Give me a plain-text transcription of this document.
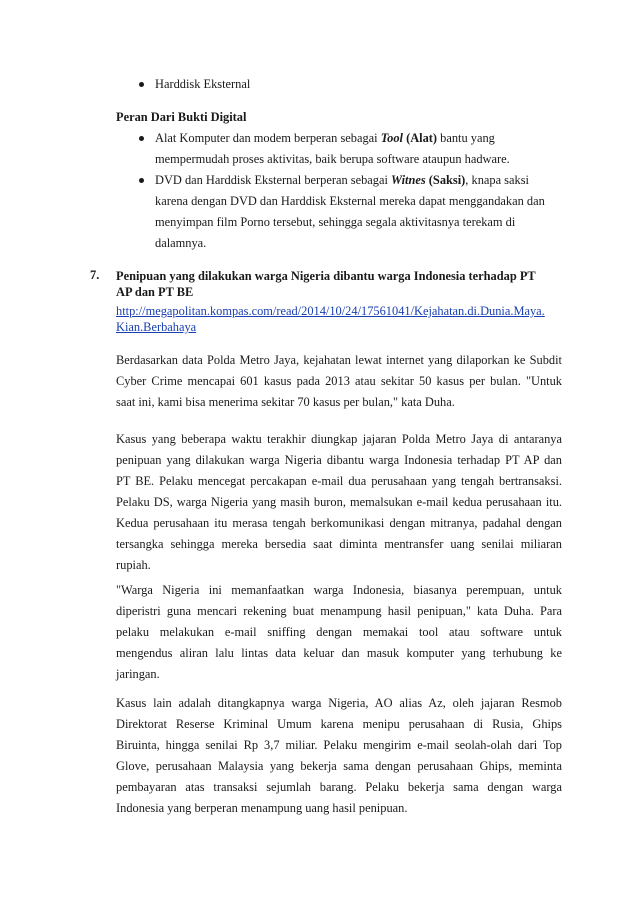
Harddisk Eksternal
Peran Dari Bukti Digital
Alat Komputer dan modem berperan sebagai Tool (Alat) bantu yang
mempermudah proses aktivitas, baik berupa software ataupun hadware.
DVD dan Harddisk Eksternal berperan sebagai Witnes (Saksi), knapa saksi
karena dengan DVD dan Harddisk Eksternal mereka dapat menggandakan dan
menyimpan film Porno tersebut, sehingga segala aktivitasnya terekam di
dalamnya.
7. Penipuan yang dilakukan warga Nigeria dibantu warga Indonesia terhadap PT
AP dan PT BE
http://megapolitan.kompas.com/read/2014/10/24/17561041/Kejahatan.di.Dunia.Maya.
Kian.Berbahaya
Berdasarkan data Polda Metro Jaya, kejahatan lewat internet yang dilaporkan ke Subdit
Cyber Crime mencapai 601 kasus pada 2013 atau sekitar 50 kasus per bulan. "Untuk
saat ini, kami bisa menerima sekitar 70 kasus per bulan," kata Duha.
Kasus yang beberapa waktu terakhir diungkap jajaran Polda Metro Jaya di antaranya
penipuan yang dilakukan warga Nigeria dibantu warga Indonesia terhadap PT AP dan
PT BE. Pelaku mencegat percakapan e-mail dua perusahaan yang tengah bertransaksi.
Pelaku DS, warga Nigeria yang masih buron, memalsukan e-mail kedua perusahaan itu.
Kedua perusahaan itu merasa tengah berkomunikasi dengan mitranya, padahal dengan
tersangka sehingga mereka bersedia saat diminta mentransfer uang senilai miliaran
rupiah.
"Warga Nigeria ini memanfaatkan warga Indonesia, biasanya perempuan, untuk
diperistri guna mencari rekening buat menampung hasil penipuan," kata Duha. Para
pelaku melakukan e-mail sniffing dengan memakai tool atau software untuk
mengendus aliran lalu lintas data keluar dan masuk komputer yang terhubung ke
jaringan.
Kasus lain adalah ditangkapnya warga Nigeria, AO alias Az, oleh jajaran Resmob
Direktorat Reserse Kriminal Umum karena menipu perusahaan di Rusia, Ghips
Biruinta, hingga senilai Rp 3,7 miliar. Pelaku mengirim e-mail seolah-olah dari Top
Glove, perusahaan Malaysia yang bekerja sama dengan perusahaan Ghips, meminta
pembayaran atas transaksi sejumlah barang. Pelaku bekerja sama dengan warga
Indonesia yang berperan menampung uang hasil penipuan.
